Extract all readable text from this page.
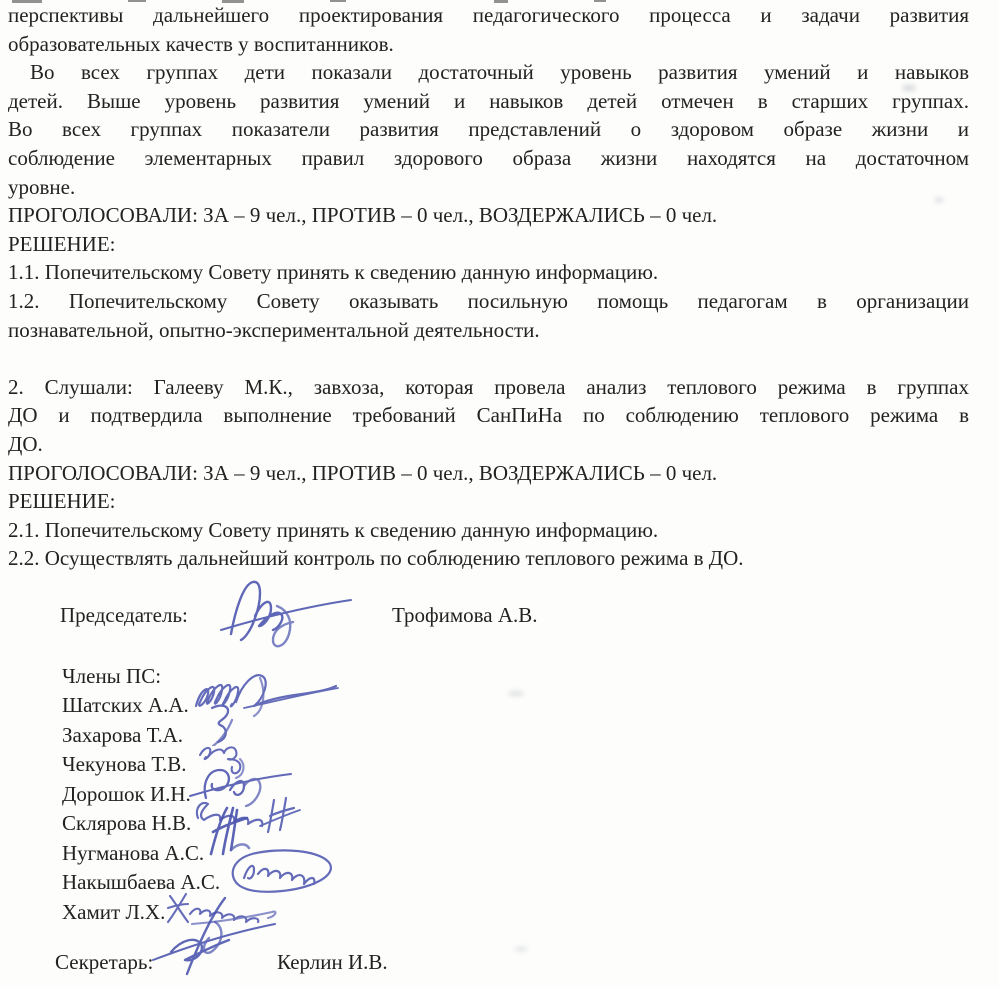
перспективы дальнейшего проектирования педагогического процесса и задачи развития
образовательных качеств у воспитанников.
Во всех группах дети показали достаточный уровень развития умений и навыков
детей. Выше уровень развития умений и навыков детей отмечен в старших группах.
Во всех группах показатели развития представлений о здоровом образе жизни и
соблюдение элементарных правил здорового образа жизни находятся на достаточном
уровне.
ПРОГОЛОСОВАЛИ: ЗА – 9 чел., ПРОТИВ – 0 чел., ВОЗДЕРЖАЛИСЬ – 0 чел.
РЕШЕНИЕ:
1.1. Попечительскому Совету принять к сведению данную информацию.
1.2. Попечительскому Совету оказывать посильную помощь педагогам в организации
познавательной, опытно-экспериментальной деятельности.
2. Слушали: Галееву М.К., завхоза, которая провела анализ теплового режима в группах
ДО и подтвердила выполнение требований СанПиНа по соблюдению теплового режима в
ДО.
ПРОГОЛОСОВАЛИ: ЗА – 9 чел., ПРОТИВ – 0 чел., ВОЗДЕРЖАЛИСЬ – 0 чел.
РЕШЕНИЕ:
2.1. Попечительскому Совету принять к сведению данную информацию.
2.2. Осуществлять дальнейший контроль по соблюдению теплового режима в ДО.
Председатель:	Трофимова А.В.
Члены ПС:
Шатских А.А.
Захарова Т.А.
Чекунова Т.В.
Дорошок И.Н.
Склярова Н.В.
Нугманова А.С.
Накышбаева А.С.
Хамит Л.Х.
Секретарь:	Керлин И.В.
